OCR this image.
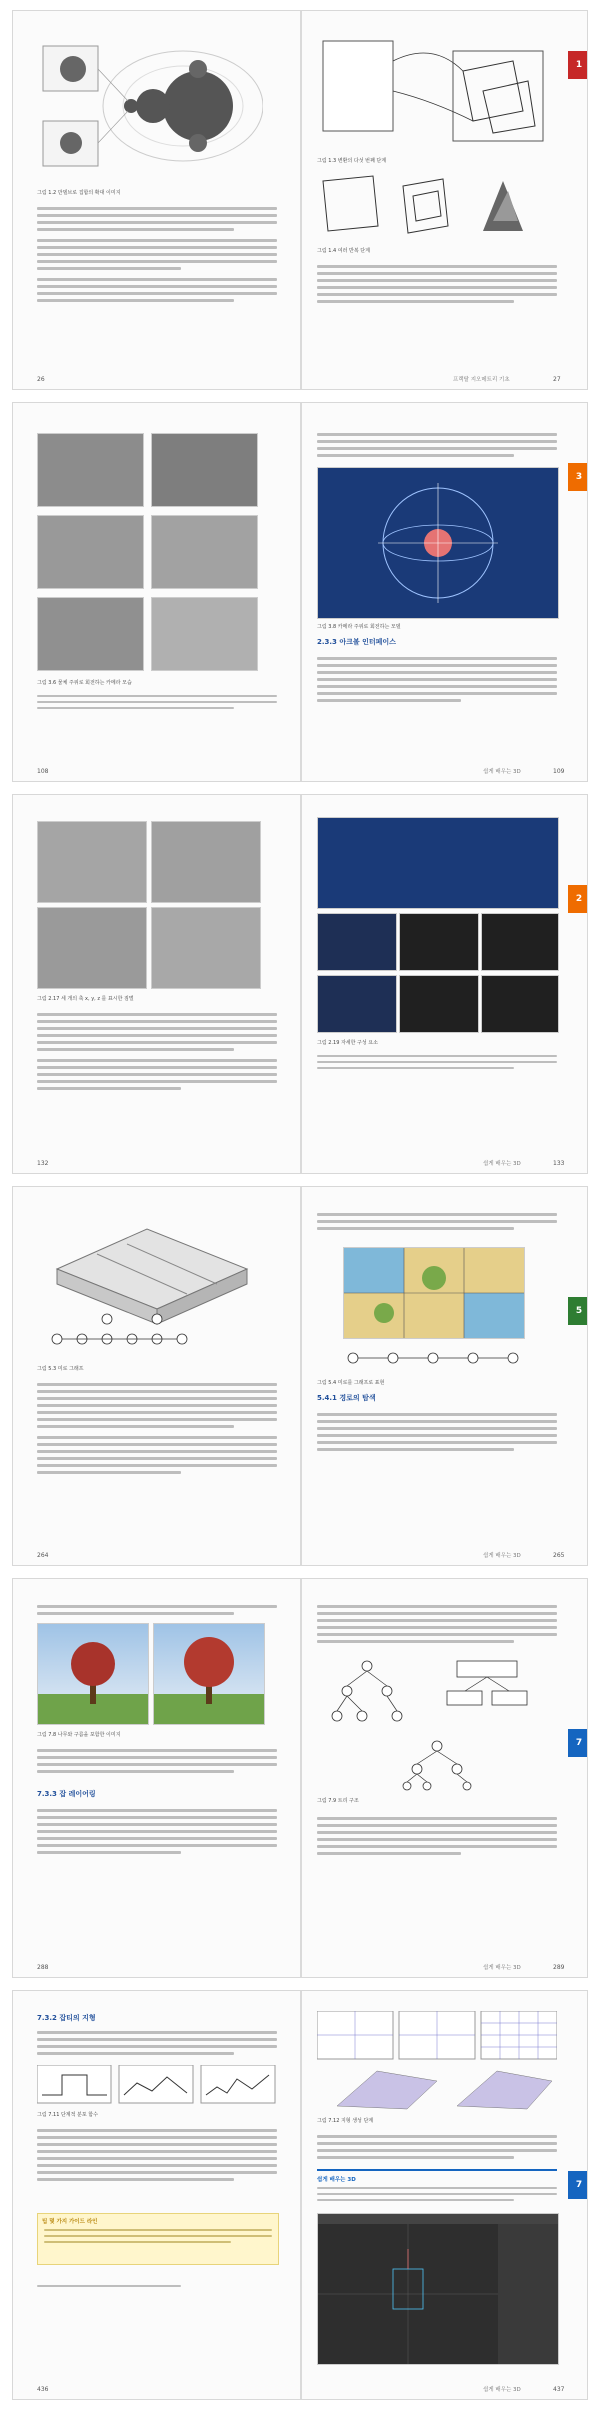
그림 1.2 만델브로 집합의 확대 이미지
26
그림 1.3 변환의 다섯 번째 단계
그림 1.4 여러 반복 단계
프랙탈 지오메트리 기초	27
1
그림 3.6 물체 주위로 회전하는 카메라 모습
108
그림 3.8 카메라 주위로 회전하는 모델
2.3.3 아크볼 인터페이스
쉽게 배우는 3D	109
3
그림 2.17 세 개의 축 x, y, z 를 표시한 짐벌
132
그림 2.19 자세한 구성 요소
쉽게 배우는 3D	133
2
그림 5.3 미로 그래프
264
그림 5.4 미로를 그래프로 표현
5.4.1 경로의 탐색
쉽게 배우는 3D	265
5
그림 7.8 나무와 구름을 포함한 이미지
7.3.3 잡 레이어링
288
그림 7.9 트리 구조
쉽게 배우는 3D	289
7
7.3.2 잡티의 지형
그림 7.11 단계적 분포 함수
팁 몇 가지 가이드 라인
436
그림 7.12 지형 생성 단계
쉽게 배우는 3D
쉽게 배우는 3D	437
7
